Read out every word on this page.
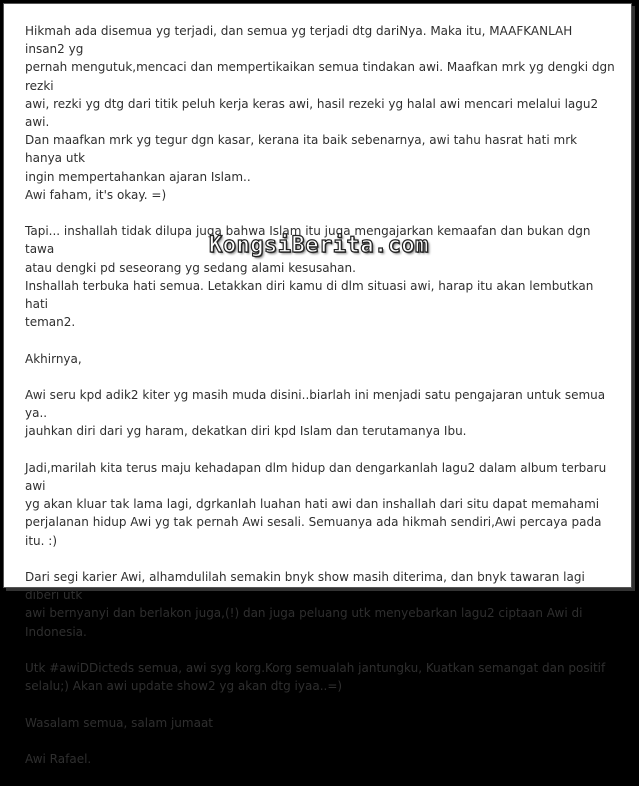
Hikmah ada disemua yg terjadi, dan semua yg terjadi dtg dariNya. Maka itu, MAAFKANLAH insan2 yg
pernah mengutuk,mencaci dan mempertikaikan semua tindakan awi. Maafkan mrk yg dengki dgn rezki
awi, rezki yg dtg dari titik peluh kerja keras awi, hasil rezeki yg halal awi mencari melalui lagu2 awi.
Dan maafkan mrk yg tegur dgn kasar, kerana ita baik sebenarnya, awi tahu hasrat hati mrk hanya utk
ingin mempertahankan ajaran Islam..
Awi faham, it's okay. =)

Tapi... inshallah tidak dilupa juga bahwa Islam itu juga mengajarkan kemaafan dan bukan dgn tawa
atau dengki pd seseorang yg sedang alami kesusahan.
Inshallah terbuka hati semua. Letakkan diri kamu di dlm situasi awi, harap itu akan lembutkan hati
teman2.

Akhirnya,

Awi seru kpd adik2 kiter yg masih muda disini..biarlah ini menjadi satu pengajaran untuk semua ya..
jauhkan diri dari yg haram, dekatkan diri kpd Islam dan terutamanya Ibu.

Jadi,marilah kita terus maju kehadapan dlm hidup dan dengarkanlah lagu2 dalam album terbaru awi
yg akan kluar tak lama lagi, dgrkanlah luahan hati awi dan inshallah dari situ dapat memahami
perjalanan hidup Awi yg tak pernah Awi sesali. Semuanya ada hikmah sendiri,Awi percaya pada itu. :)

Dari segi karier Awi, alhamdulilah semakin bnyk show masih diterima, dan bnyk tawaran lagi diberi utk
awi bernyanyi dan berlakon juga,(!) dan juga peluang utk menyebarkan lagu2 ciptaan Awi di
Indonesia.

Utk #awiDDicteds semua, awi syg korg.Korg semualah jantungku, Kuatkan semangat dan positif
selalu;) Akan awi update show2 yg akan dtg iyaa..=)

Wasalam semua, salam jumaat

Awi Rafael.

KongsiBerita.com
